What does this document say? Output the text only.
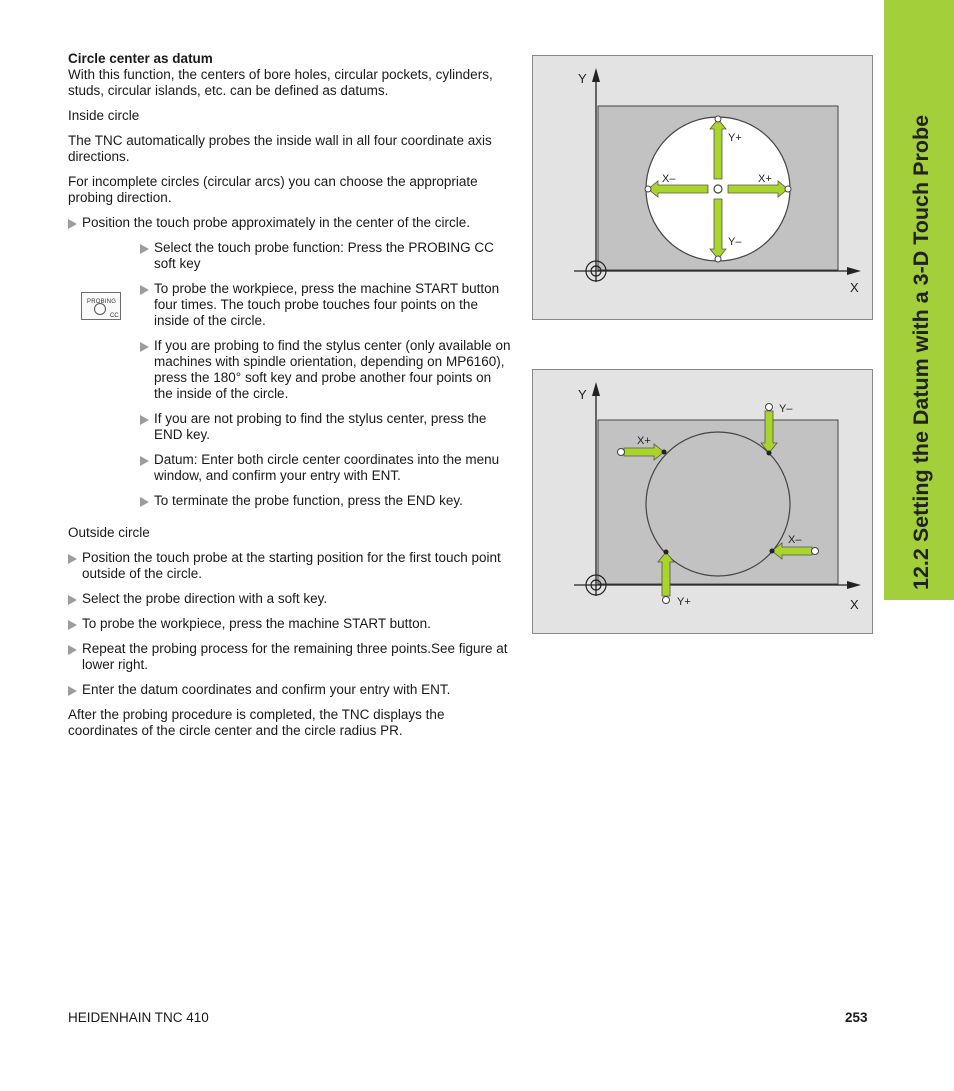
Circle center as datum

With this function, the centers of bore holes, circular pockets, cylinders, studs, circular islands, etc. can be defined as datums.

Inside circle

The TNC automatically probes the inside wall in all four coordinate axis directions.

For incomplete circles (circular arcs) you can choose the appropriate probing direction.

Position the touch probe approximately in the center of the circle.
Select the touch probe function: Press the PROBING CC soft key
To probe the workpiece, press the machine START button four times. The touch probe touches four points on the inside of the circle.
If you are probing to find the stylus center (only available on machines with spindle orientation, depending on MP6160), press the 180° soft key and probe another four points on the inside of the circle.
If you are not probing to find the stylus center, press the END key.
Datum: Enter both circle center coordinates into the menu window, and confirm your entry with ENT.
To terminate the probe function, press the END key.

Outside circle

Position the touch probe at the starting position for the first touch point outside of the circle.
Select the probe direction with a soft key.
To probe the workpiece, press the machine START button.
Repeat the probing process for the remaining three points.See figure at lower right.
Enter the datum coordinates and confirm your entry with ENT.

After the probing procedure is completed, the TNC displays the coordinates of the circle center and the circle radius PR.

PROBING
CC
Y
X
Y+
Y–
X–	X+
Y
X
X+
Y–
X–
Y+
12.2 Setting the Datum with a 3-D Touch Probe
HEIDENHAIN TNC 410	253
